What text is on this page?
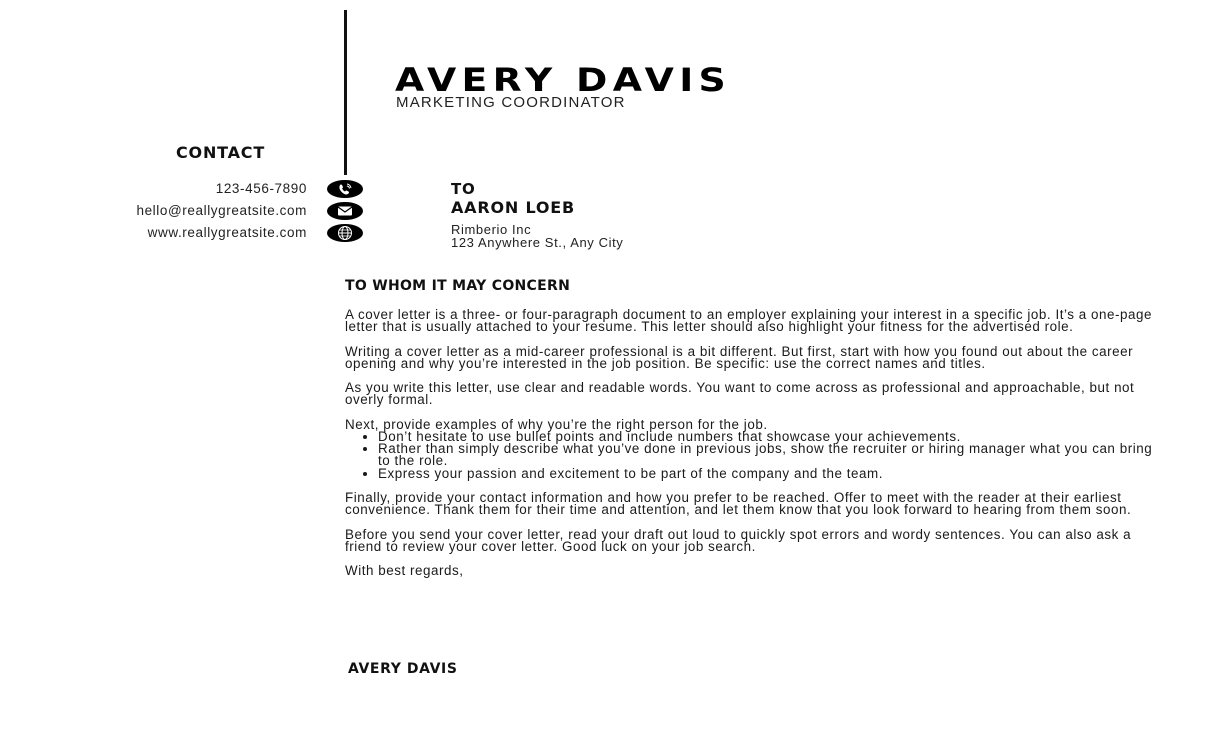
AVERY DAVIS
MARKETING COORDINATOR
CONTACT
123-456-7890
hello@reallygreatsite.com
www.reallygreatsite.com
TO
AARON LOEB
Rimberio Inc
123 Anywhere St., Any City
TO WHOM IT MAY CONCERN

A cover letter is a three- or four-paragraph document to an employer explaining your interest in a specific job. It’s a one-page letter that is usually attached to your resume. This letter should also highlight your fitness for the advertised role.

Writing a cover letter as a mid-career professional is a bit different. But first, start with how you found out about the career opening and why you’re interested in the job position. Be specific: use the correct names and titles.

As you write this letter, use clear and readable words. You want to come across as professional and approachable, but not overly formal.

Next, provide examples of why you’re the right person for the job.
• Don’t hesitate to use bullet points and include numbers that showcase your achievements.
• Rather than simply describe what you’ve done in previous jobs, show the recruiter or hiring manager what you can bring to the role.
• Express your passion and excitement to be part of the company and the team.

Finally, provide your contact information and how you prefer to be reached. Offer to meet with the reader at their earliest convenience. Thank them for their time and attention, and let them know that you look forward to hearing from them soon.

Before you send your cover letter, read your draft out loud to quickly spot errors and wordy sentences. You can also ask a friend to review your cover letter. Good luck on your job search.

With best regards,

AVERY DAVIS
